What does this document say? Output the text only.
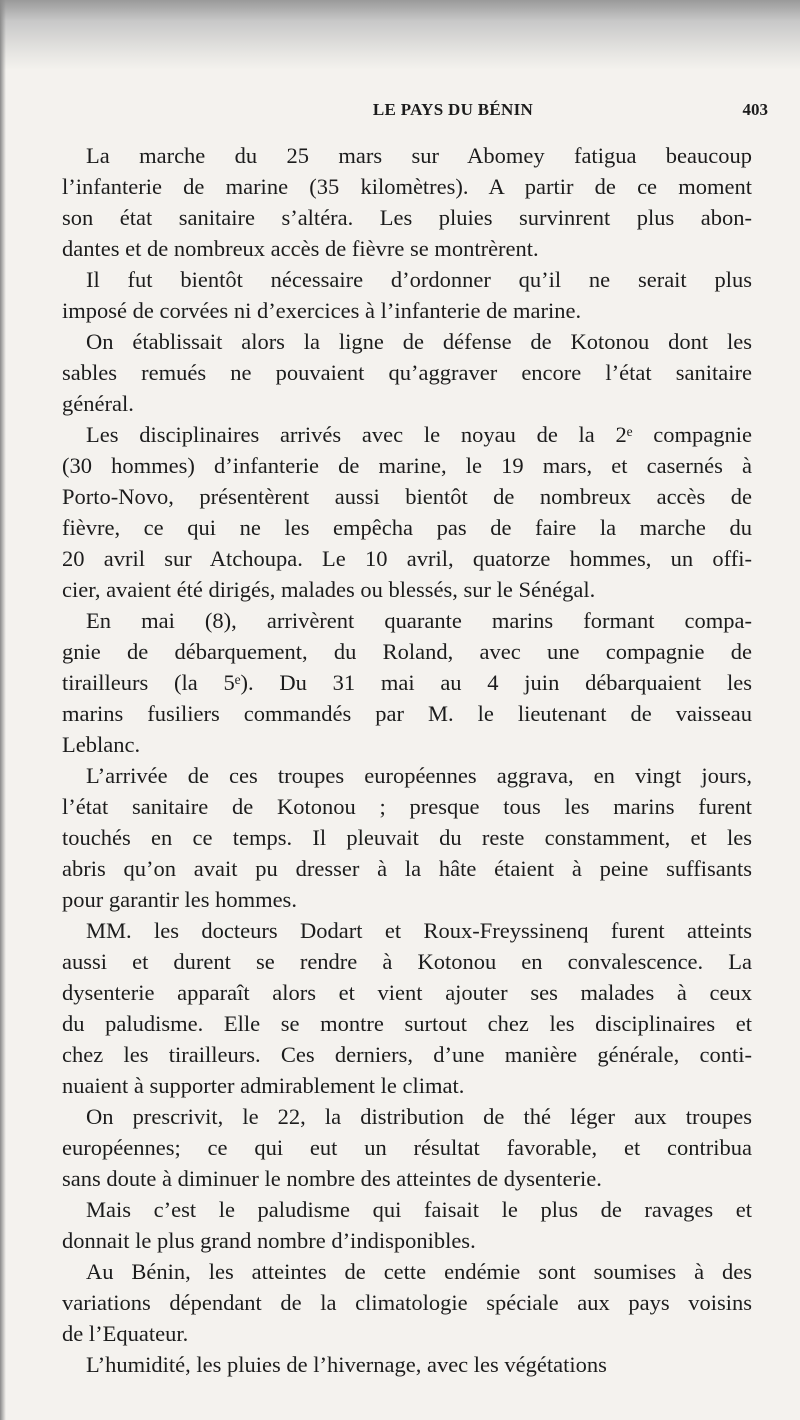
LE PAYS DU BÉNIN	403
La marche du 25 mars sur Abomey fatigua beaucoup
l’infanterie de marine (35 kilomètres). A partir de ce moment
son état sanitaire s’altéra. Les pluies survinrent plus abon-
dantes et de nombreux accès de fièvre se montrèrent.
Il fut bientôt nécessaire d’ordonner qu’il ne serait plus
imposé de corvées ni d’exercices à l’infanterie de marine.
On établissait alors la ligne de défense de Kotonou dont les
sables remués ne pouvaient qu’aggraver encore l’état sanitaire
général.
Les disciplinaires arrivés avec le noyau de la 2ᵉ compagnie
(30 hommes) d’infanterie de marine, le 19 mars, et casernés à
Porto-Novo, présentèrent aussi bientôt de nombreux accès de
fièvre, ce qui ne les empêcha pas de faire la marche du
20 avril sur Atchoupa. Le 10 avril, quatorze hommes, un offi-
cier, avaient été dirigés, malades ou blessés, sur le Sénégal.
En mai (8), arrivèrent quarante marins formant compa-
gnie de débarquement, du Roland, avec une compagnie de
tirailleurs (la 5ᵉ). Du 31 mai au 4 juin débarquaient les
marins fusiliers commandés par M. le lieutenant de vaisseau
Leblanc.
L’arrivée de ces troupes européennes aggrava, en vingt jours,
l’état sanitaire de Kotonou ; presque tous les marins furent
touchés en ce temps. Il pleuvait du reste constamment, et les
abris qu’on avait pu dresser à la hâte étaient à peine suffisants
pour garantir les hommes.
MM. les docteurs Dodart et Roux-Freyssinenq furent atteints
aussi et durent se rendre à Kotonou en convalescence. La
dysenterie apparaît alors et vient ajouter ses malades à ceux
du paludisme. Elle se montre surtout chez les disciplinaires et
chez les tirailleurs. Ces derniers, d’une manière générale, conti-
nuaient à supporter admirablement le climat.
On prescrivit, le 22, la distribution de thé léger aux troupes
européennes; ce qui eut un résultat favorable, et contribua
sans doute à diminuer le nombre des atteintes de dysenterie.
Mais c’est le paludisme qui faisait le plus de ravages et
donnait le plus grand nombre d’indisponibles.
Au Bénin, les atteintes de cette endémie sont soumises à des
variations dépendant de la climatologie spéciale aux pays voisins
de l’Equateur.
L’humidité, les pluies de l’hivernage, avec les végétations
